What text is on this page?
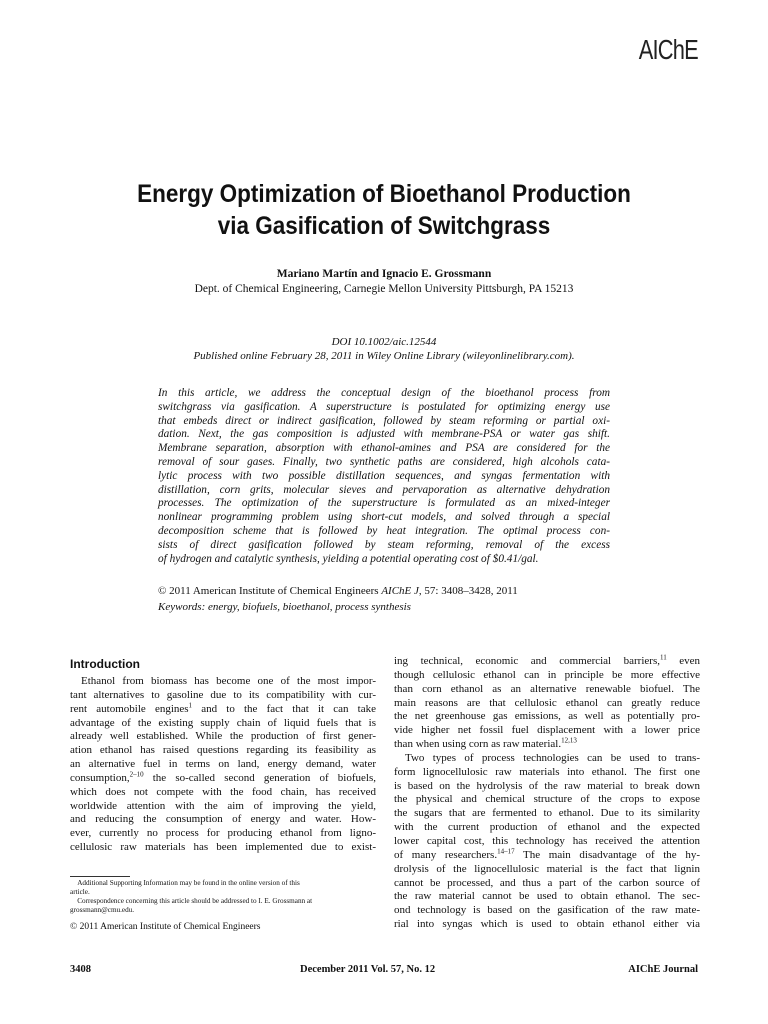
AIChE
Energy Optimization of Bioethanol Production
via Gasification of Switchgrass
Mariano Martín and Ignacio E. Grossmann
Dept. of Chemical Engineering, Carnegie Mellon University Pittsburgh, PA 15213
DOI 10.1002/aic.12544
Published online February 28, 2011 in Wiley Online Library (wileyonlinelibrary.com).
In this article, we address the conceptual design of the bioethanol process from
switchgrass via gasification. A superstructure is postulated for optimizing energy use
that embeds direct or indirect gasification, followed by steam reforming or partial oxi-
dation. Next, the gas composition is adjusted with membrane-PSA or water gas shift.
Membrane separation, absorption with ethanol-amines and PSA are considered for the
removal of sour gases. Finally, two synthetic paths are considered, high alcohols cata-
lytic process with two possible distillation sequences, and syngas fermentation with
distillation, corn grits, molecular sieves and pervaporation as alternative dehydration
processes. The optimization of the superstructure is formulated as an mixed-integer
nonlinear programming problem using short-cut models, and solved through a special
decomposition scheme that is followed by heat integration. The optimal process con-
sists of direct gasification followed by steam reforming, removal of the excess
of hydrogen and catalytic synthesis, yielding a potential operating cost of $0.41/gal.
© 2011 American Institute of Chemical Engineers AIChE J, 57: 3408–3428, 2011
Keywords: energy, biofuels, bioethanol, process synthesis
Introduction
 Ethanol from biomass has become one of the most impor-
tant alternatives to gasoline due to its compatibility with cur-
rent automobile engines$^1$ and to the fact that it can take
advantage of the existing supply chain of liquid fuels that is
already well established. While the production of first gener-
ation ethanol has raised questions regarding its feasibility as
an alternative fuel in terms on land, energy demand, water
consumption,$^{2-10}$ the so-called second generation of biofuels,
which does not compete with the food chain, has received
worldwide attention with the aim of improving the yield,
and reducing the consumption of energy and water. How-
ever, currently no process for producing ethanol from ligno-
cellulosic raw materials has been implemented due to exist-
ing technical, economic and commercial barriers,$^{11}$ even
though cellulosic ethanol can in principle be more effective
than corn ethanol as an alternative renewable biofuel. The
main reasons are that cellulosic ethanol can greatly reduce
the net greenhouse gas emissions, as well as potentially pro-
vide higher net fossil fuel displacement with a lower price
than when using corn as raw material.$^{12,13}$
 Two types of process technologies can be used to trans-
form lignocellulosic raw materials into ethanol. The first one
is based on the hydrolysis of the raw material to break down
the physical and chemical structure of the crops to expose
the sugars that are fermented to ethanol. Due to its similarity
with the current production of ethanol and the expected
lower capital cost, this technology has received the attention
of many researchers.$^{14-17}$ The main disadvantage of the hy-
drolysis of the lignocellulosic material is the fact that lignin
cannot be processed, and thus a part of the carbon source of
the raw material cannot be used to obtain ethanol. The sec-
ond technology is based on the gasification of the raw mate-
rial into syngas which is used to obtain ethanol either via
 Additional Supporting Information may be found in the online version of this
article.
 Correspondence concerning this article should be addressed to I. E. Grossmann at
grossmann@cmu.edu.
© 2011 American Institute of Chemical Engineers
3408	December 2011 Vol. 57, No. 12	AIChE Journal
